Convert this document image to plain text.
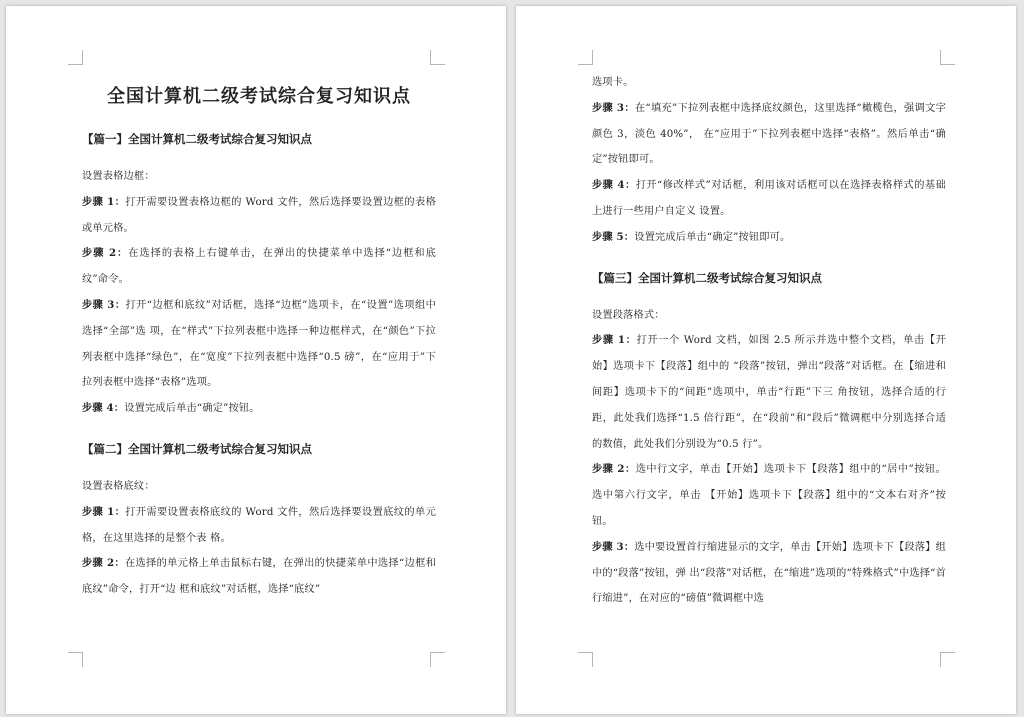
全国计算机二级考试综合复习知识点
【篇一】全国计算机二级考试综合复习知识点

设置表格边框：

步骤 1：打开需要设置表格边框的 Word 文件，然后选择要设置边框的表格或单元格。

步骤 2：在选择的表格上右键单击，在弹出的快捷菜单中选择“边框和底纹”命令。

步骤 3：打开“边框和底纹”对话框，选择“边框”选项卡，在“设置”选项组中选择“全部”选 项，在“样式”下拉列表框中选择一种边框样式，在“颜色”下拉列表框中选择“绿色”，在“宽度”下拉列表框中选择“0.5 磅”，在“应用于”下拉列表框中选择“表格”选项。

步骤 4：设置完成后单击“确定”按钮。

【篇二】全国计算机二级考试综合复习知识点

设置表格底纹：

步骤 1：打开需要设置表格底纹的 Word 文件，然后选择要设置底纹的单元格，在这里选择的是整个表 格。

步骤 2：在选择的单元格上单击鼠标右键，在弹出的快捷菜单中选择“边框和底纹”命令，打开“边 框和底纹”对话框，选择“底纹”

选项卡。

步骤 3：在“填充”下拉列表框中选择底纹颜色，这里选择“橄榄色，强调文字颜色 3，淡色 40%”， 在“应用于”下拉列表框中选择“表格”。然后单击“确定”按钮即可。

步骤 4：打开“修改样式”对话框，利用该对话框可以在选择表格样式的基础上进行一些用户自定义 设置。

步骤 5：设置完成后单击“确定”按钮即可。

【篇三】全国计算机二级考试综合复习知识点

设置段落格式：

步骤 1：打开一个 Word 文档，如图 2.5 所示并选中整个文档，单击【开始】选项卡下【段落】组中的 “段落”按钮，弹出“段落”对话框。在【缩进和间距】选项卡下的“间距”选项中，单击“行距”下三 角按钮，选择合适的行距，此处我们选择“1.5 倍行距”，在“段前”和“段后”微调框中分别选择合适 的数值，此处我们分别设为“0.5 行”。

步骤 2：选中行文字，单击【开始】选项卡下【段落】组中的“居中”按钮。选中第六行文字，单击 【开始】选项卡下【段落】组中的“文本右对齐”按钮。

步骤 3：选中要设置首行缩进显示的文字，单击【开始】选项卡下【段落】组中的“段落”按钮，弹 出“段落”对话框，在“缩进”选项的“特殊格式”中选择“首行缩进”，在对应的“磅值”微调框中选
